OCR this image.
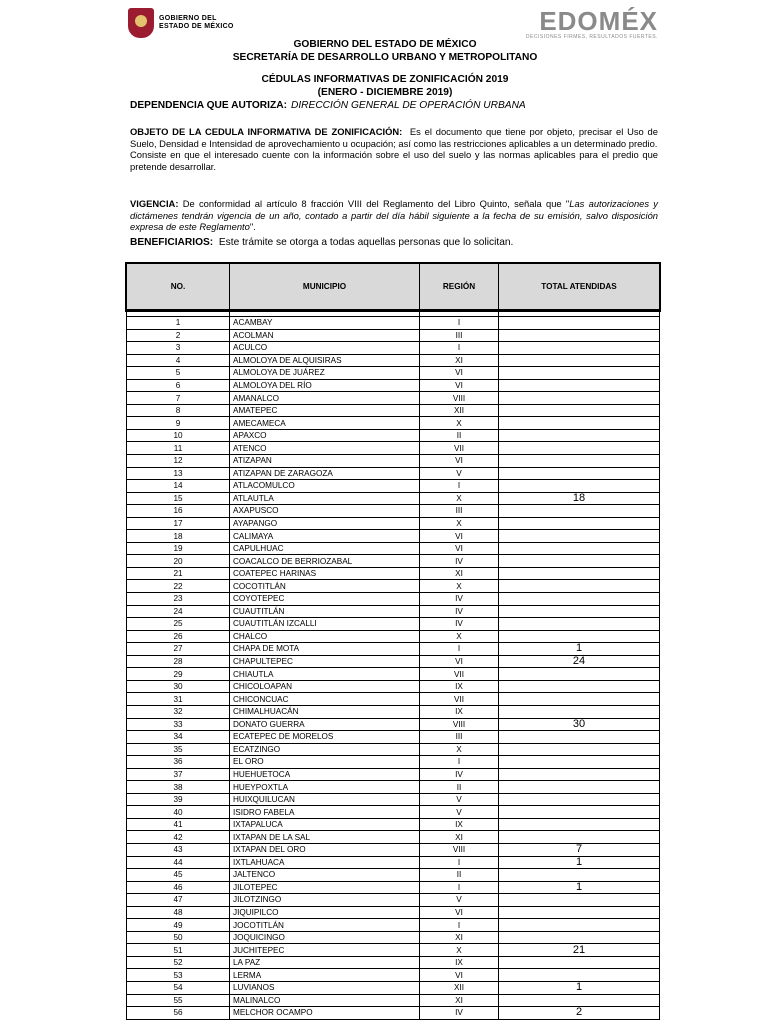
GOBIERNO DEL
ESTADO DE MÉXICO	EDOMÉX
DECISIONES FIRMES, RESULTADOS FUERTES.
GOBIERNO DEL ESTADO DE MÉXICO
SECRETARÍA DE DESARROLLO URBANO Y METROPOLITANO
CÉDULAS INFORMATIVAS DE ZONIFICACIÓN 2019
(ENERO - DICIEMBRE 2019)
DEPENDENCIA QUE AUTORIZA: DIRECCIÓN GENERAL DE OPERACIÓN URBANA
OBJETO DE LA CEDULA INFORMATIVA DE ZONIFICACIÓN: Es el documento que tiene por objeto, precisar el Uso de Suelo, Densidad e Intensidad de aprovechamiento u ocupación; así como las restricciones aplicables a un determinado predio.
Consiste en que el interesado cuente con la información sobre el uso del suelo y las normas aplicables para el predio que pretende desarrollar.
VIGENCIA: De conformidad al artículo 8 fracción VIII del Reglamento del Libro Quinto, señala que "Las autorizaciones y dictámenes tendrán vigencia de un año, contado a partir del día hábil siguiente a la fecha de su emisión, salvo disposición expresa de este Reglamento".
BENEFICIARIOS: Este trámite se otorga a todas aquellas personas que lo solicitan.
NO.	MUNICIPIO	REGIÓN	TOTAL ATENDIDAS

1	ACAMBAY	I	
2	ACOLMAN	III	
3	ACULCO	I	
4	ALMOLOYA DE ALQUISIRAS	XI	
5	ALMOLOYA DE JUÁREZ	VI	
6	ALMOLOYA DEL RÍO	VI	
7	AMANALCO	VIII	
8	AMATEPEC	XII	
9	AMECAMECA	X	
10	APAXCO	II	
11	ATENCO	VII	
12	ATIZAPAN	VI	
13	ATIZAPAN DE ZARAGOZA	V	
14	ATLACOMULCO	I	
15	ATLAUTLA	X	18
16	AXAPUSCO	III	
17	AYAPANGO	X	
18	CALIMAYA	VI	
19	CAPULHUAC	VI	
20	COACALCO DE BERRIOZABAL	IV	
21	COATEPEC HARINAS	XI	
22	COCOTITLÁN	X	
23	COYOTEPEC	IV	
24	CUAUTITLÁN	IV	
25	CUAUTITLÁN IZCALLI	IV	
26	CHALCO	X	
27	CHAPA DE MOTA	I	1
28	CHAPULTEPEC	VI	24
29	CHIAUTLA	VII	
30	CHICOLOAPAN	IX	
31	CHICONCUAC	VII	
32	CHIMALHUACÁN	IX	
33	DONATO GUERRA	VIII	30
34	ECATEPEC DE MORELOS	III	
35	ECATZINGO	X	
36	EL ORO	I	
37	HUEHUETOCA	IV	
38	HUEYPOXTLA	II	
39	HUIXQUILUCAN	V	
40	ISIDRO FABELA	V	
41	IXTAPALUCA	IX	
42	IXTAPAN DE LA SAL	XI	
43	IXTAPAN DEL ORO	VIII	7
44	IXTLAHUACA	I	1
45	JALTENCO	II	
46	JILOTEPEC	I	1
47	JILOTZINGO	V	
48	JIQUIPILCO	VI	
49	JOCOTITLÁN	I	
50	JOQUICINGO	XI	
51	JUCHITEPEC	X	21
52	LA PAZ	IX	
53	LERMA	VI	
54	LUVIANOS	XII	1
55	MALINALCO	XI	
56	MELCHOR OCAMPO	IV	2
